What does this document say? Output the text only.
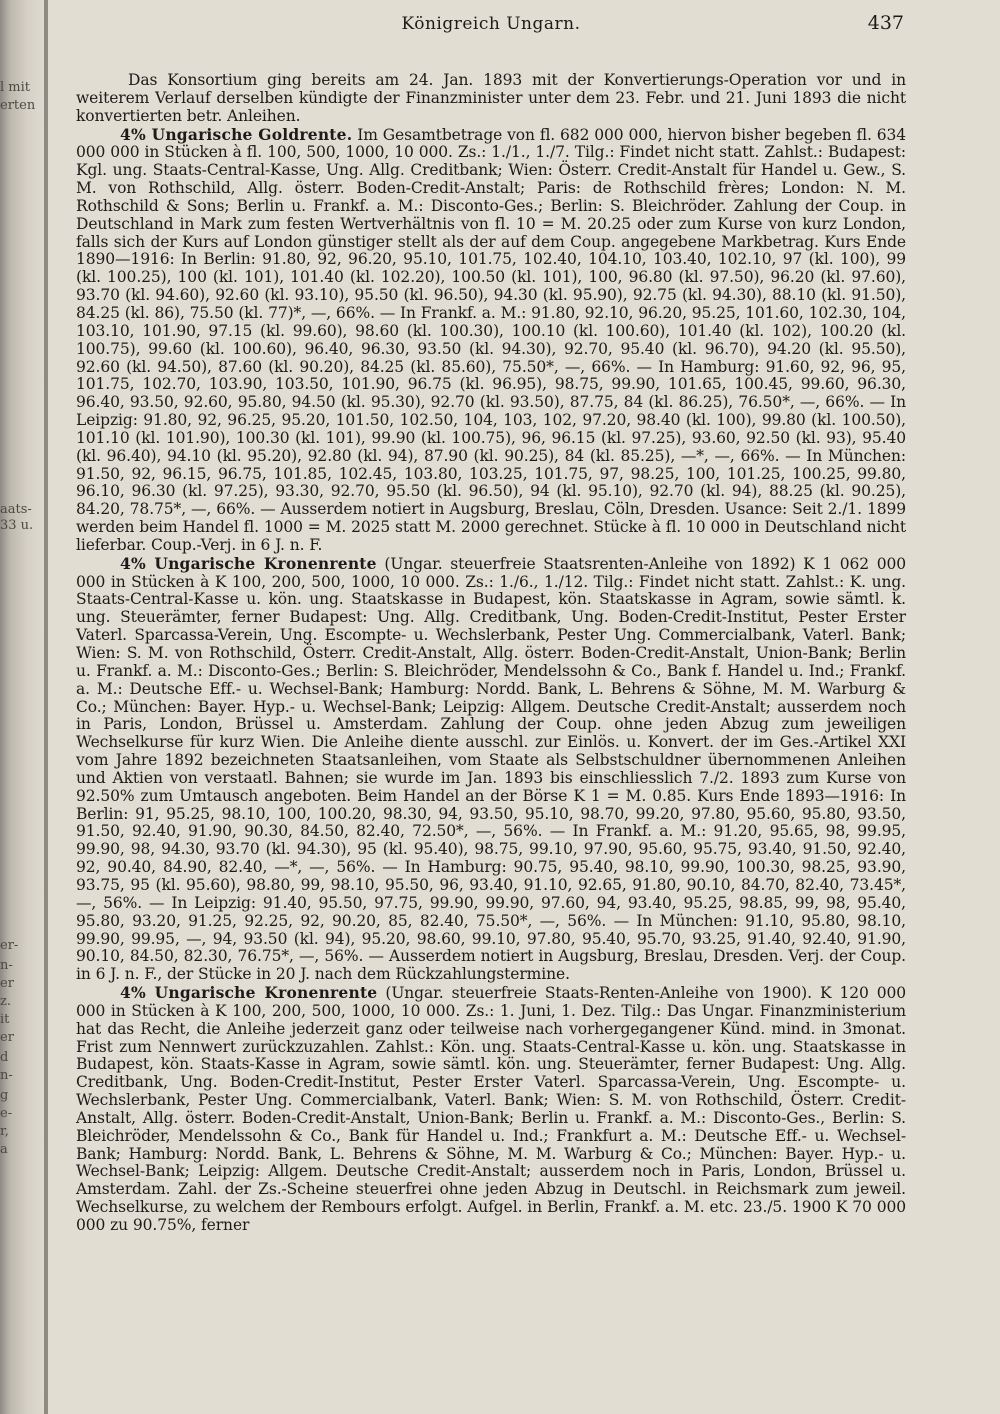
l mit
erten
aats-
33 u.
er-
n-
er
z.
it
er
d
n-
g
e-
r,
a
Königreich Ungarn.	437

Das Konsortium ging bereits am 24. Jan. 1893 mit der Konvertierungs-Operation vor und in weiterem Verlauf derselben kündigte der Finanzminister unter dem 23. Febr. und 21. Juni 1893 die nicht konvertierten betr. Anleihen.

4% Ungarische Goldrente. Im Gesamtbetrage von fl. 682 000 000, hiervon bisher begeben fl. 634 000 000 in Stücken à fl. 100, 500, 1000, 10 000. Zs.: 1./1., 1./7. Tilg.: Findet nicht statt. Zahlst.: Budapest: Kgl. ung. Staats-Central-Kasse, Ung. Allg. Creditbank; Wien: Österr. Credit-Anstalt für Handel u. Gew., S. M. von Rothschild, Allg. österr. Boden-Credit-Anstalt; Paris: de Rothschild frères; London: N. M. Rothschild & Sons; Berlin u. Frankf. a. M.: Disconto-Ges.; Berlin: S. Bleichröder. Zahlung der Coup. in Deutschland in Mark zum festen Wertverhältnis von fl. 10 = M. 20.25 oder zum Kurse von kurz London, falls sich der Kurs auf London günstiger stellt als der auf dem Coup. angegebene Markbetrag. Kurs Ende 1890—1916: In Berlin: 91.80, 92, 96.20, 95.10, 101.75, 102.40, 104.10, 103.40, 102.10, 97 (kl. 100), 99 (kl. 100.25), 100 (kl. 101), 101.40 (kl. 102.20), 100.50 (kl. 101), 100, 96.80 (kl. 97.50), 96.20 (kl. 97.60), 93.70 (kl. 94.60), 92.60 (kl. 93.10), 95.50 (kl. 96.50), 94.30 (kl. 95.90), 92.75 (kl. 94.30), 88.10 (kl. 91.50), 84.25 (kl. 86), 75.50 (kl. 77)*, —, 66%. — In Frankf. a. M.: 91.80, 92.10, 96.20, 95.25, 101.60, 102.30, 104, 103.10, 101.90, 97.15 (kl. 99.60), 98.60 (kl. 100.30), 100.10 (kl. 100.60), 101.40 (kl. 102), 100.20 (kl. 100.75), 99.60 (kl. 100.60), 96.40, 96.30, 93.50 (kl. 94.30), 92.70, 95.40 (kl. 96.70), 94.20 (kl. 95.50), 92.60 (kl. 94.50), 87.60 (kl. 90.20), 84.25 (kl. 85.60), 75.50*, —, 66%. — In Hamburg: 91.60, 92, 96, 95, 101.75, 102.70, 103.90, 103.50, 101.90, 96.75 (kl. 96.95), 98.75, 99.90, 101.65, 100.45, 99.60, 96.30, 96.40, 93.50, 92.60, 95.80, 94.50 (kl. 95.30), 92.70 (kl. 93.50), 87.75, 84 (kl. 86.25), 76.50*, —, 66%. — In Leipzig: 91.80, 92, 96.25, 95.20, 101.50, 102.50, 104, 103, 102, 97.20, 98.40 (kl. 100), 99.80 (kl. 100.50), 101.10 (kl. 101.90), 100.30 (kl. 101), 99.90 (kl. 100.75), 96, 96.15 (kl. 97.25), 93.60, 92.50 (kl. 93), 95.40 (kl. 96.40), 94.10 (kl. 95.20), 92.80 (kl. 94), 87.90 (kl. 90.25), 84 (kl. 85.25), —*, —, 66%. — In München: 91.50, 92, 96.15, 96.75, 101.85, 102.45, 103.80, 103.25, 101.75, 97, 98.25, 100, 101.25, 100.25, 99.80, 96.10, 96.30 (kl. 97.25), 93.30, 92.70, 95.50 (kl. 96.50), 94 (kl. 95.10), 92.70 (kl. 94), 88.25 (kl. 90.25), 84.20, 78.75*, —, 66%. — Ausserdem notiert in Augsburg, Breslau, Cöln, Dresden. Usance: Seit 2./1. 1899 werden beim Handel fl. 1000 = M. 2025 statt M. 2000 gerechnet. Stücke à fl. 10 000 in Deutschland nicht lieferbar. Coup.-Verj. in 6 J. n. F.

4% Ungarische Kronenrente (Ungar. steuerfreie Staatsrenten-Anleihe von 1892) K 1 062 000 000 in Stücken à K 100, 200, 500, 1000, 10 000. Zs.: 1./6., 1./12. Tilg.: Findet nicht statt. Zahlst.: K. ung. Staats-Central-Kasse u. kön. ung. Staatskasse in Budapest, kön. Staatskasse in Agram, sowie sämtl. k. ung. Steuerämter, ferner Budapest: Ung. Allg. Creditbank, Ung. Boden-Credit-Institut, Pester Erster Vaterl. Sparcassa-Verein, Ung. Escompte- u. Wechslerbank, Pester Ung. Commercialbank, Vaterl. Bank; Wien: S. M. von Rothschild, Österr. Credit-Anstalt, Allg. österr. Boden-Credit-Anstalt, Union-Bank; Berlin u. Frankf. a. M.: Disconto-Ges.; Berlin: S. Bleichröder, Mendelssohn & Co., Bank f. Handel u. Ind.; Frankf. a. M.: Deutsche Eff.- u. Wechsel-Bank; Hamburg: Nordd. Bank, L. Behrens & Söhne, M. M. Warburg & Co.; München: Bayer. Hyp.- u. Wechsel-Bank; Leipzig: Allgem. Deutsche Credit-Anstalt; ausserdem noch in Paris, London, Brüssel u. Amsterdam. Zahlung der Coup. ohne jeden Abzug zum jeweiligen Wechselkurse für kurz Wien. Die Anleihe diente ausschl. zur Einlös. u. Konvert. der im Ges.-Artikel XXI vom Jahre 1892 bezeichneten Staatsanleihen, vom Staate als Selbstschuldner übernommenen Anleihen und Aktien von verstaatl. Bahnen; sie wurde im Jan. 1893 bis einschliesslich 7./2. 1893 zum Kurse von 92.50% zum Umtausch angeboten. Beim Handel an der Börse K 1 = M. 0.85. Kurs Ende 1893—1916: In Berlin: 91, 95.25, 98.10, 100, 100.20, 98.30, 94, 93.50, 95.10, 98.70, 99.20, 97.80, 95.60, 95.80, 93.50, 91.50, 92.40, 91.90, 90.30, 84.50, 82.40, 72.50*, —, 56%. — In Frankf. a. M.: 91.20, 95.65, 98, 99.95, 99.90, 98, 94.30, 93.70 (kl. 94.30), 95 (kl. 95.40), 98.75, 99.10, 97.90, 95.60, 95.75, 93.40, 91.50, 92.40, 92, 90.40, 84.90, 82.40, —*, —, 56%. — In Hamburg: 90.75, 95.40, 98.10, 99.90, 100.30, 98.25, 93.90, 93.75, 95 (kl. 95.60), 98.80, 99, 98.10, 95.50, 96, 93.40, 91.10, 92.65, 91.80, 90.10, 84.70, 82.40, 73.45*, —, 56%. — In Leipzig: 91.40, 95.50, 97.75, 99.90, 99.90, 97.60, 94, 93.40, 95.25, 98.85, 99, 98, 95.40, 95.80, 93.20, 91.25, 92.25, 92, 90.20, 85, 82.40, 75.50*, —, 56%. — In München: 91.10, 95.80, 98.10, 99.90, 99.95, —, 94, 93.50 (kl. 94), 95.20, 98.60, 99.10, 97.80, 95.40, 95.70, 93.25, 91.40, 92.40, 91.90, 90.10, 84.50, 82.30, 76.75*, —, 56%. — Ausserdem notiert in Augsburg, Breslau, Dresden. Verj. der Coup. in 6 J. n. F., der Stücke in 20 J. nach dem Rückzahlungstermine.

4% Ungarische Kronenrente (Ungar. steuerfreie Staats-Renten-Anleihe von 1900). K 120 000 000 in Stücken à K 100, 200, 500, 1000, 10 000. Zs.: 1. Juni, 1. Dez. Tilg.: Das Ungar. Finanzministerium hat das Recht, die Anleihe jederzeit ganz oder teilweise nach vorhergegangener Künd. mind. in 3monat. Frist zum Nennwert zurückzuzahlen. Zahlst.: Kön. ung. Staats-Central-Kasse u. kön. ung. Staatskasse in Budapest, kön. Staats-Kasse in Agram, sowie sämtl. kön. ung. Steuerämter, ferner Budapest: Ung. Allg. Creditbank, Ung. Boden-Credit-Institut, Pester Erster Vaterl. Sparcassa-Verein, Ung. Escompte- u. Wechslerbank, Pester Ung. Commercialbank, Vaterl. Bank; Wien: S. M. von Rothschild, Österr. Credit-Anstalt, Allg. österr. Boden-Credit-Anstalt, Union-Bank; Berlin u. Frankf. a. M.: Disconto-Ges., Berlin: S. Bleichröder, Mendelssohn & Co., Bank für Handel u. Ind.; Frankfurt a. M.: Deutsche Eff.- u. Wechsel-Bank; Hamburg: Nordd. Bank, L. Behrens & Söhne, M. M. Warburg & Co.; München: Bayer. Hyp.- u. Wechsel-Bank; Leipzig: Allgem. Deutsche Credit-Anstalt; ausserdem noch in Paris, London, Brüssel u. Amsterdam. Zahl. der Zs.-Scheine steuerfrei ohne jeden Abzug in Deutschl. in Reichsmark zum jeweil. Wechselkurse, zu welchem der Rembours erfolgt. Aufgel. in Berlin, Frankf. a. M. etc. 23./5. 1900 K 70 000 000 zu 90.75%, ferner
